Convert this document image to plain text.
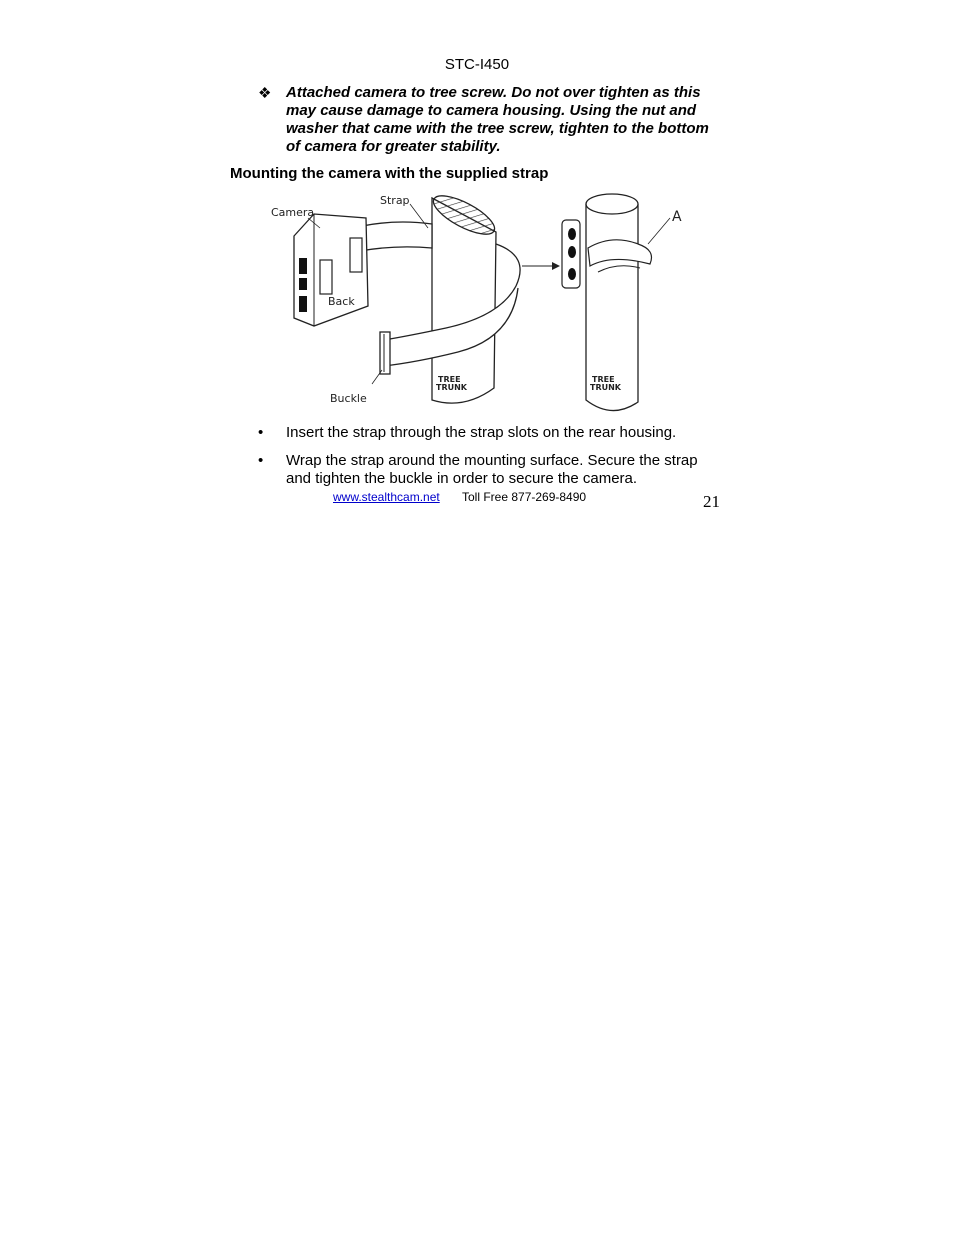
STC-I450
❖ Attached camera to tree screw. Do not over tighten as this may cause damage to camera housing. Using the nut and washer that came with the tree screw, tighten to the bottom of camera for greater stability.
Mounting the camera with the supplied strap
TREE
TRUNK
Camera
Back
Strap
Buckle
A
TREE
TRUNK
• Insert the strap through the strap slots on the rear housing.
• Wrap the strap around the mounting surface. Secure the strap and tighten the buckle in order to secure the camera.
www.stealthcam.net Toll Free 877-269-8490	21
